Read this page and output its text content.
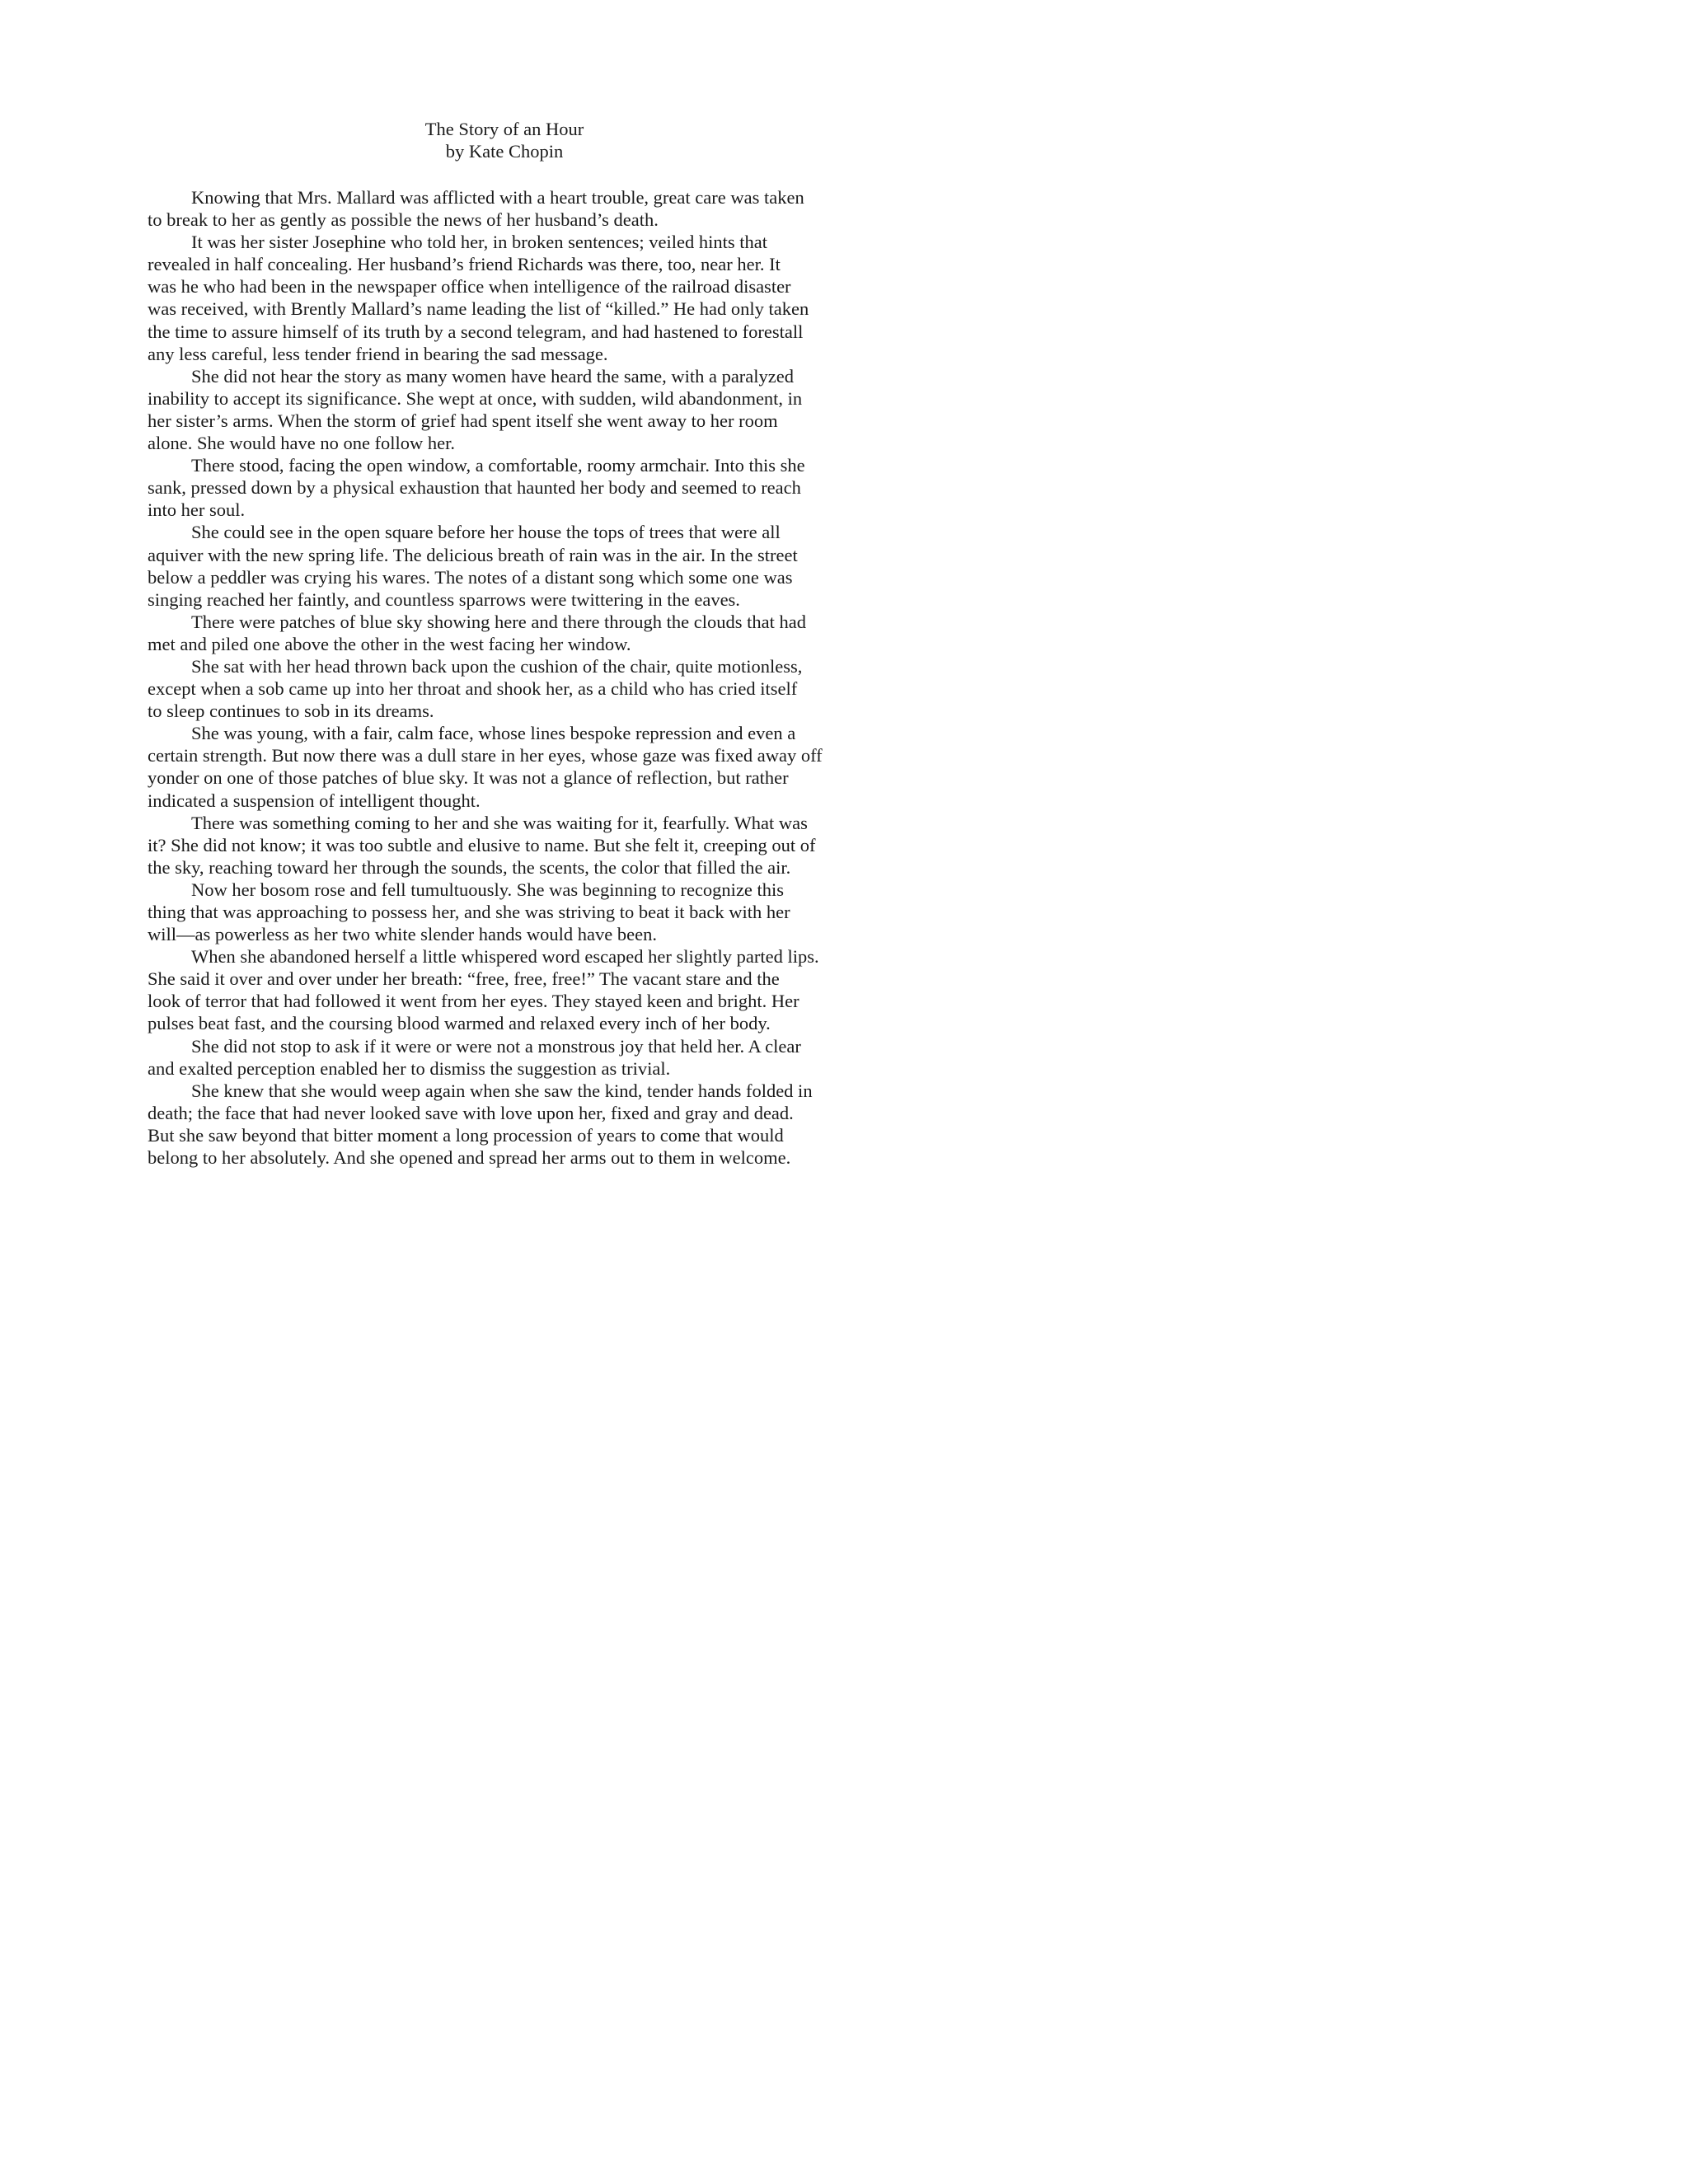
The Story of an Hour
by Kate Chopin

Knowing that Mrs. Mallard was afflicted with a heart trouble, great care was taken
to break to her as gently as possible the news of her husband’s death.

It was her sister Josephine who told her, in broken sentences; veiled hints that
revealed in half concealing. Her husband’s friend Richards was there, too, near her. It
was he who had been in the newspaper office when intelligence of the railroad disaster
was received, with Brently Mallard’s name leading the list of “killed.” He had only taken
the time to assure himself of its truth by a second telegram, and had hastened to forestall
any less careful, less tender friend in bearing the sad message.

She did not hear the story as many women have heard the same, with a paralyzed
inability to accept its significance. She wept at once, with sudden, wild abandonment, in
her sister’s arms. When the storm of grief had spent itself she went away to her room
alone. She would have no one follow her.

There stood, facing the open window, a comfortable, roomy armchair. Into this she
sank, pressed down by a physical exhaustion that haunted her body and seemed to reach
into her soul.

She could see in the open square before her house the tops of trees that were all
aquiver with the new spring life. The delicious breath of rain was in the air. In the street
below a peddler was crying his wares. The notes of a distant song which some one was
singing reached her faintly, and countless sparrows were twittering in the eaves.

There were patches of blue sky showing here and there through the clouds that had
met and piled one above the other in the west facing her window.

She sat with her head thrown back upon the cushion of the chair, quite motionless,
except when a sob came up into her throat and shook her, as a child who has cried itself
to sleep continues to sob in its dreams.

She was young, with a fair, calm face, whose lines bespoke repression and even a
certain strength. But now there was a dull stare in her eyes, whose gaze was fixed away off
yonder on one of those patches of blue sky. It was not a glance of reflection, but rather
indicated a suspension of intelligent thought.

There was something coming to her and she was waiting for it, fearfully. What was
it? She did not know; it was too subtle and elusive to name. But she felt it, creeping out of
the sky, reaching toward her through the sounds, the scents, the color that filled the air.

Now her bosom rose and fell tumultuously. She was beginning to recognize this
thing that was approaching to possess her, and she was striving to beat it back with her
will—as powerless as her two white slender hands would have been.

When she abandoned herself a little whispered word escaped her slightly parted lips.
She said it over and over under her breath: “free, free, free!” The vacant stare and the
look of terror that had followed it went from her eyes. They stayed keen and bright. Her
pulses beat fast, and the coursing blood warmed and relaxed every inch of her body.

She did not stop to ask if it were or were not a monstrous joy that held her. A clear
and exalted perception enabled her to dismiss the suggestion as trivial.

She knew that she would weep again when she saw the kind, tender hands folded in
death; the face that had never looked save with love upon her, fixed and gray and dead.
But she saw beyond that bitter moment a long procession of years to come that would
belong to her absolutely. And she opened and spread her arms out to them in welcome.
